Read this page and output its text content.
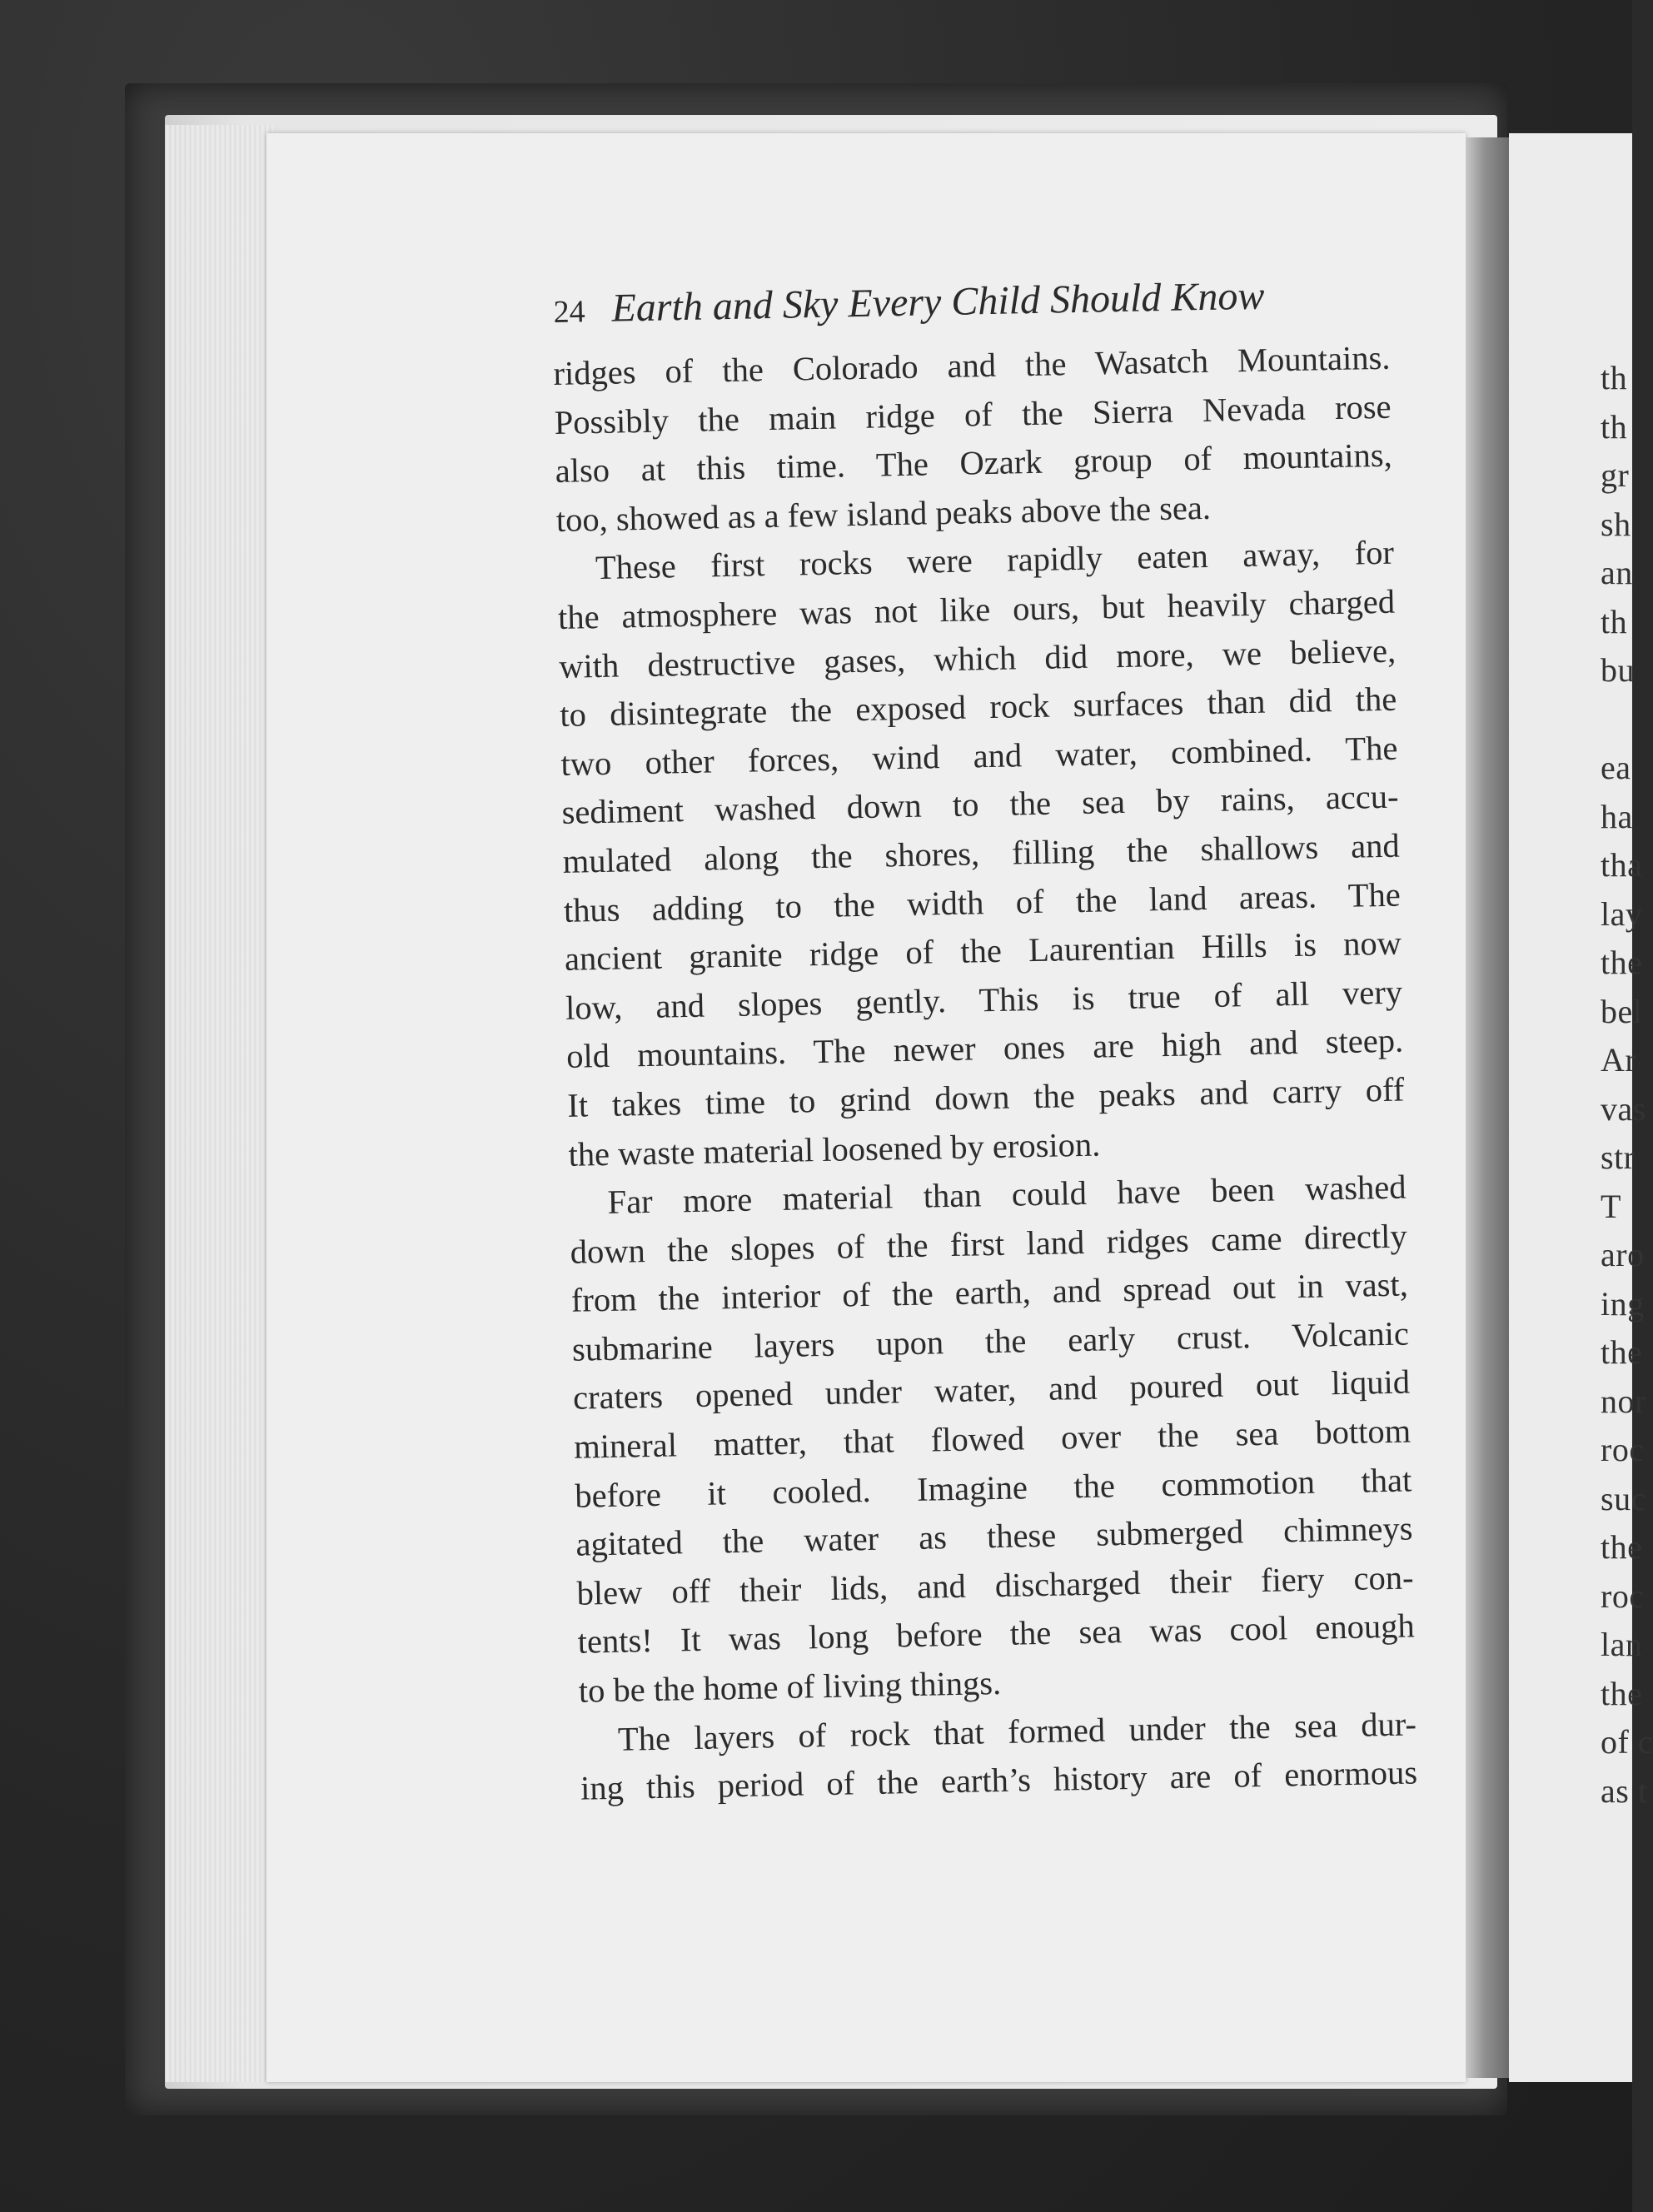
th
th
gr
sh
an
th
bu

ea
ha
tha
lay
the
bel
Ar
vas
str
T
aro
ing
the
nor
roc
suc
the
roc
lan
the
of c
as t
24 Earth and Sky Every Child Should Know
ridges of the Colorado and the Wasatch Mountains.
Possibly the main ridge of the Sierra Nevada rose
also at this time. The Ozark group of mountains,
too, showed as a few island peaks above the sea.
These first rocks were rapidly eaten away, for
the atmosphere was not like ours, but heavily charged
with destructive gases, which did more, we believe,
to disintegrate the exposed rock surfaces than did the
two other forces, wind and water, combined. The
sediment washed down to the sea by rains, accu-
mulated along the shores, filling the shallows and
thus adding to the width of the land areas. The
ancient granite ridge of the Laurentian Hills is now
low, and slopes gently. This is true of all very
old mountains. The newer ones are high and steep.
It takes time to grind down the peaks and carry off
the waste material loosened by erosion.
Far more material than could have been washed
down the slopes of the first land ridges came directly
from the interior of the earth, and spread out in vast,
submarine layers upon the early crust. Volcanic
craters opened under water, and poured out liquid
mineral matter, that flowed over the sea bottom
before it cooled. Imagine the commotion that
agitated the water as these submerged chimneys
blew off their lids, and discharged their fiery con-
tents! It was long before the sea was cool enough
to be the home of living things.
The layers of rock that formed under the sea dur-
ing this period of the earth’s history are of enormous
